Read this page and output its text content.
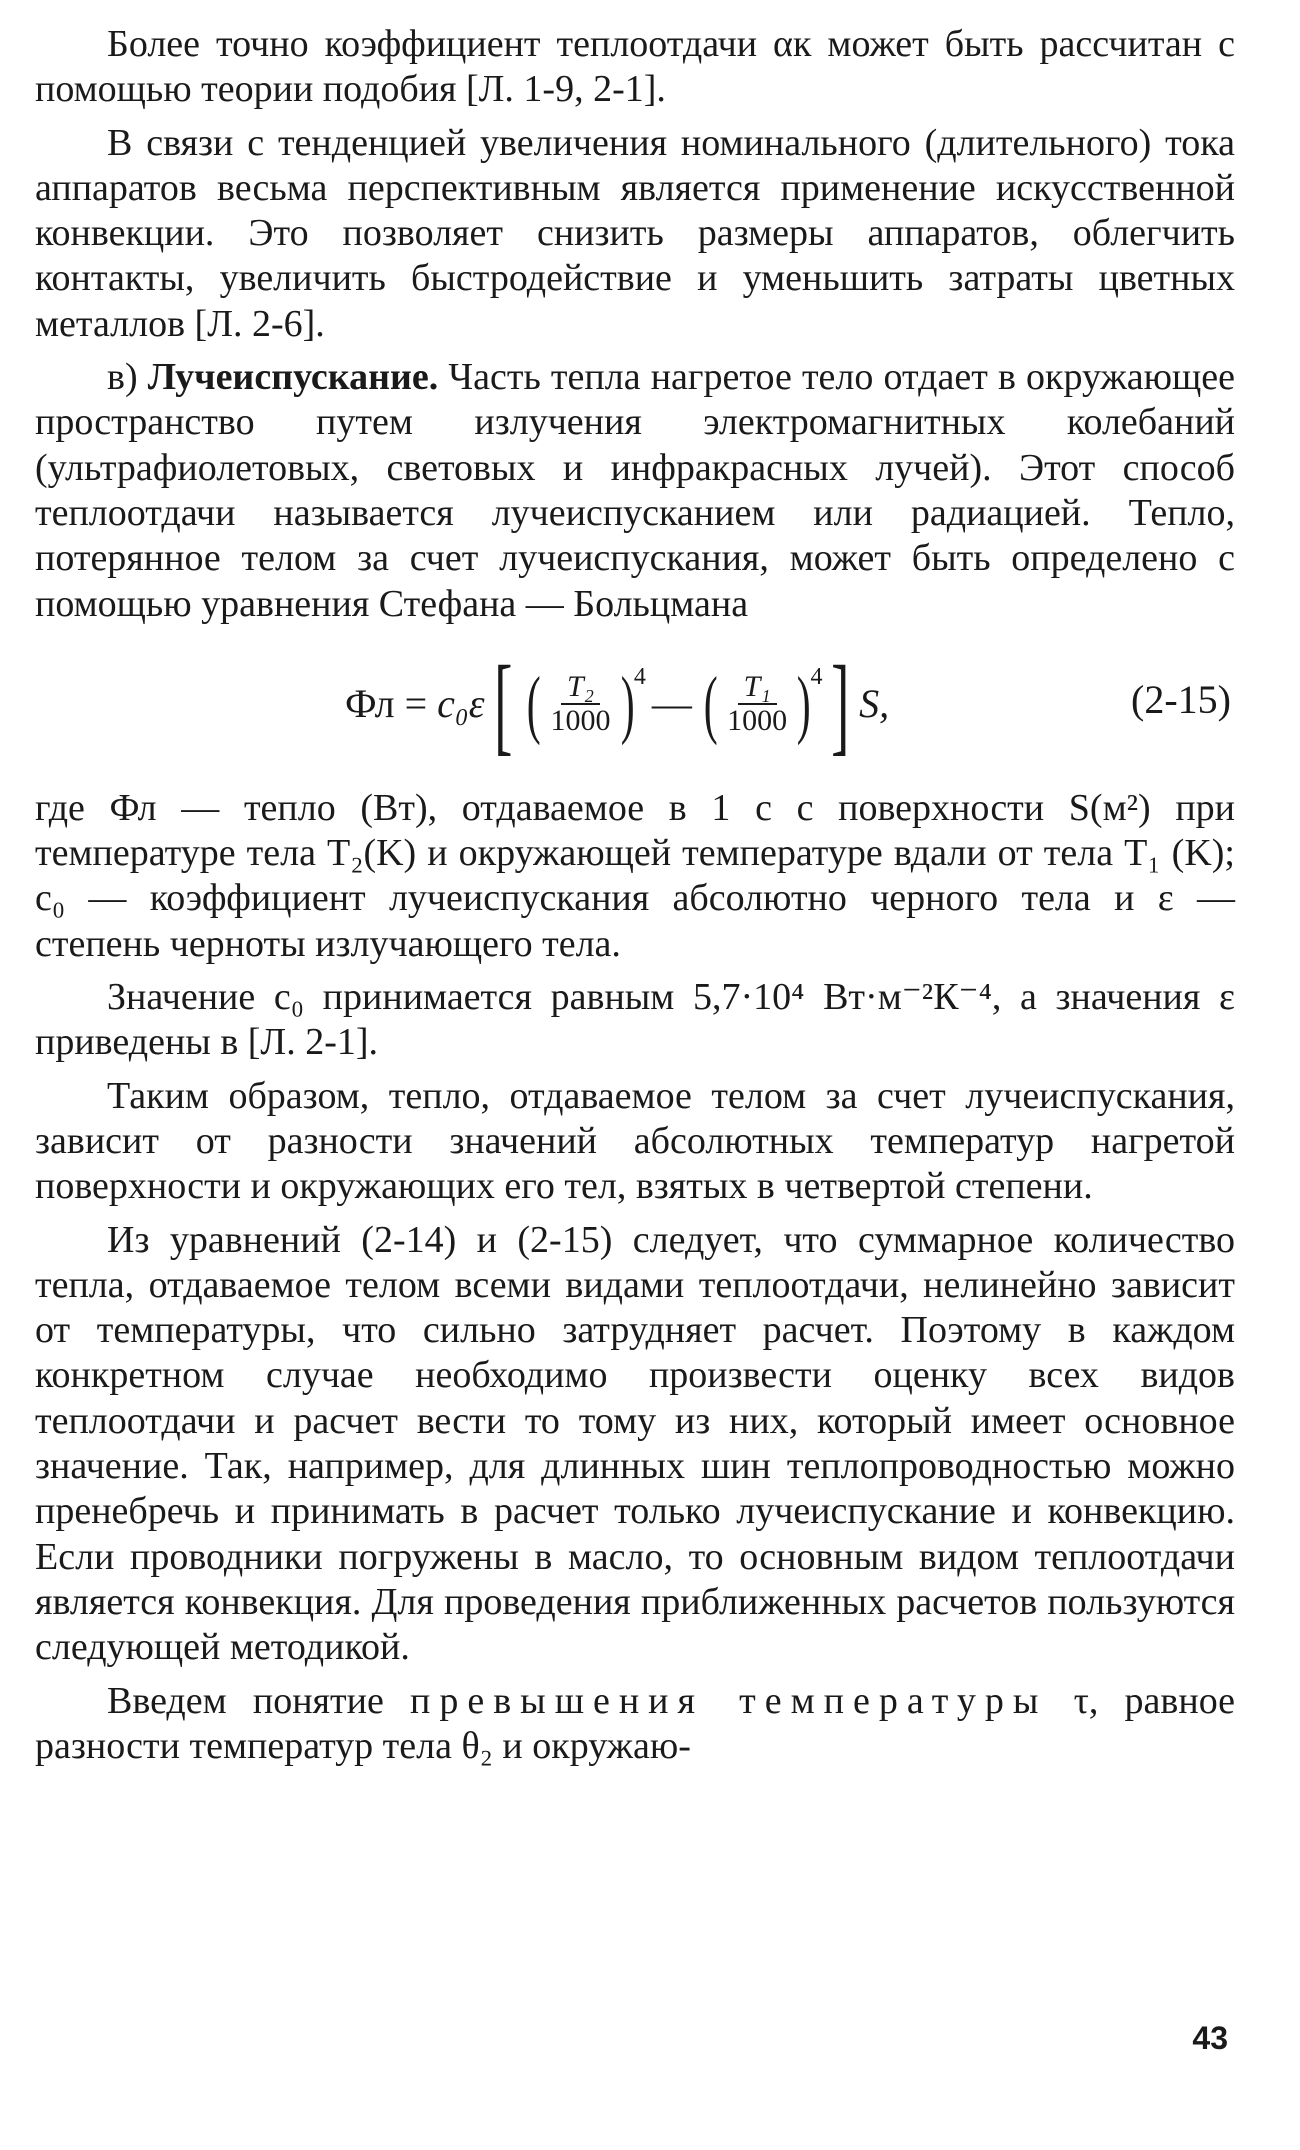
Более точно коэффициент теплоотдачи αк может быть рассчитан с помощью теории подобия [Л. 1-9, 2-1].

В связи с тенденцией увеличения номинального (длительного) тока аппаратов весьма перспективным является применение искусственной конвекции. Это позволяет снизить размеры аппаратов, облегчить контакты, увеличить быстродействие и уменьшить затраты цветных металлов [Л. 2-6].

в) Лучеиспускание. Часть тепла нагретое тело отдает в окружающее пространство путем излучения электромагнитных колебаний (ультрафиолетовых, световых и инфракрасных лучей). Этот способ теплоотдачи называется лучеиспусканием или радиацией. Тепло, потерянное телом за счет лучеиспускания, может быть определено с помощью уравнения Стефана — Больцмана

Фл = c₀ε [ ( $\frac{\text{T₂}}{1000}$ ) 4
— ( $\frac{\text{T₁}}{1000}$ ) 4 ] S,	(2-15)

где Фл — тепло (Вт), отдаваемое в 1 с с поверхности S(м²) при температуре тела T₂(K) и окружающей температуре вдали от тела T₁ (K); c₀ — коэффициент лучеиспускания абсолютно черного тела и ε — степень черноты излучающего тела.

Значение c₀ принимается равным 5,7·10⁴ Вт·м⁻²К⁻⁴, а значения ε приведены в [Л. 2-1].

Таким образом, тепло, отдаваемое телом за счет лучеиспускания, зависит от разности значений абсолютных температур нагретой поверхности и окружающих его тел, взятых в четвертой степени.

Из уравнений (2-14) и (2-15) следует, что суммарное количество тепла, отдаваемое телом всеми видами теплоотдачи, нелинейно зависит от температуры, что сильно затрудняет расчет. Поэтому в каждом конкретном случае необходимо произвести оценку всех видов теплоотдачи и расчет вести то тому из них, который имеет основное значение. Так, например, для длинных шин теплопроводностью можно пренебречь и принимать в расчет только лучеиспускание и конвекцию. Если проводники погружены в масло, то основным видом теплоотдачи является конвекция. Для проведения приближенных расчетов пользуются следующей методикой.

Введем понятие превышения температуры τ, равное разности температур тела θ₂ и окружаю-

43
